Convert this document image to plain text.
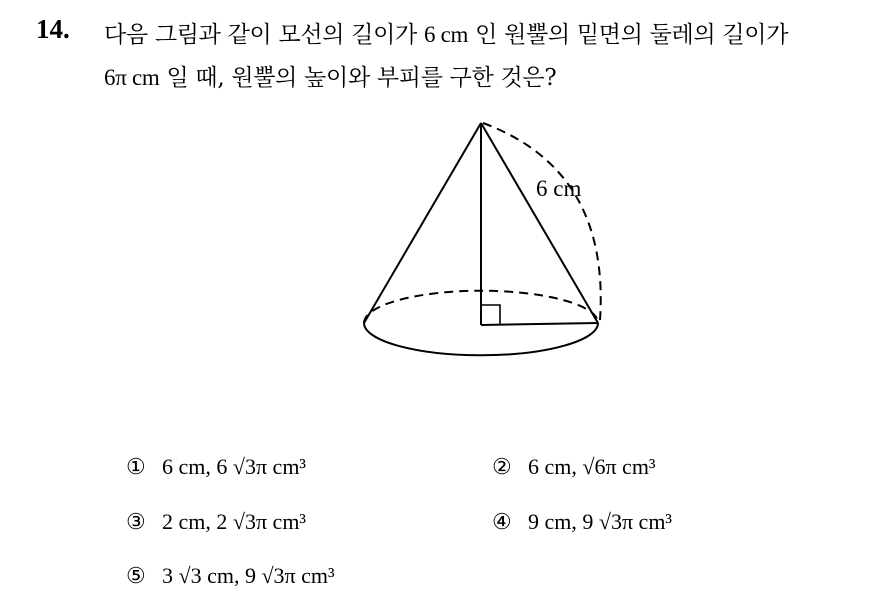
14. 다음 그림과 같이 모선의 길이가 6 cm 인 원뿔의 밑면의 둘레의 길이가
6π cm 일 때, 원뿔의 높이와 부피를 구한 것은?
6 cm
① 6 cm, 6 √3π cm³	② 6 cm, √6π cm³
③ 2 cm, 2 √3π cm³	④ 9 cm, 9 √3π cm³
⑤ 3 √3 cm, 9 √3π cm³
